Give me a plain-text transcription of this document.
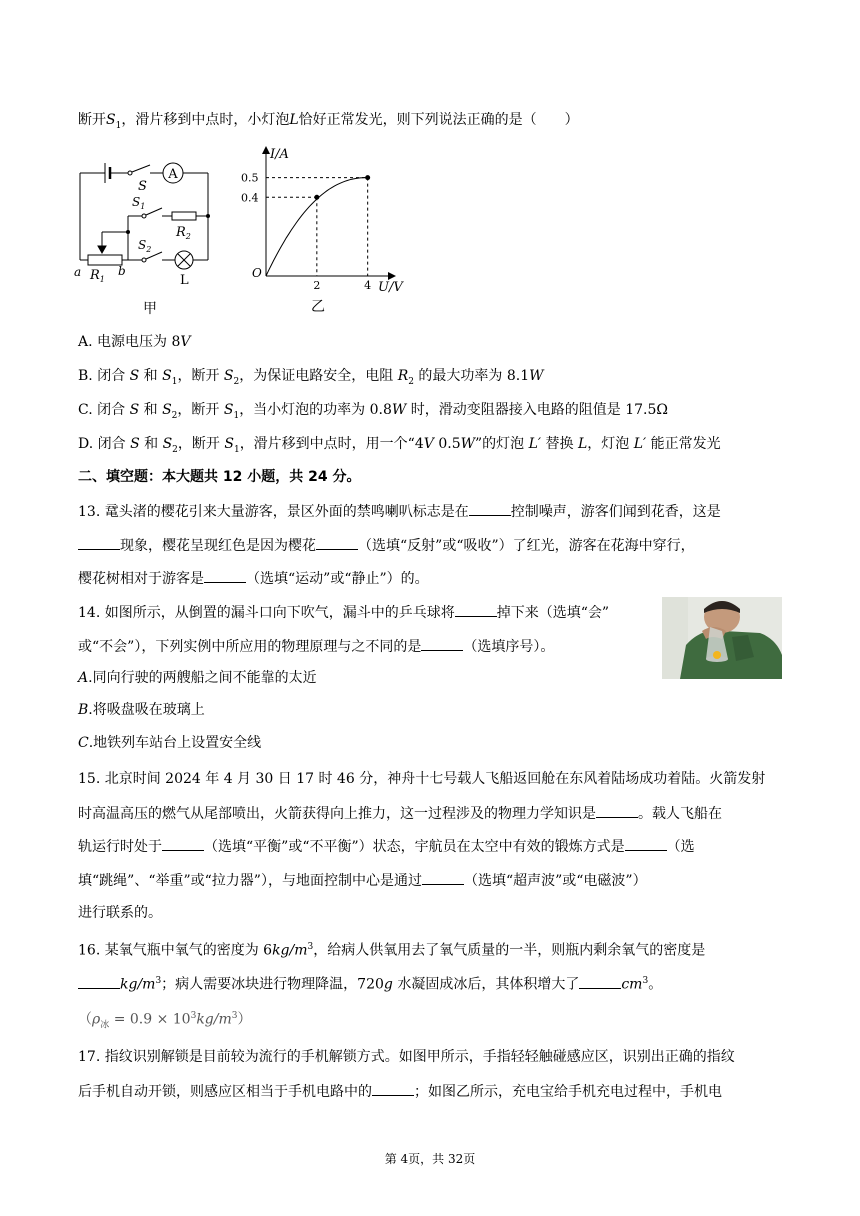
断开$S_1$，滑片移到中点时，小灯泡L恰好正常发光，则下列说法正确的是（　　）
A
S
$S_1$
$R_2$
$S_2$
a	b
$R_1$	L
甲
I/A
U/V
O
0.5
0.4
2	4
乙
A. 电源电压为 8V
B. 闭合 S 和 $S_1$，断开 $S_2$，为保证电路安全，电阻 $R_2$ 的最大功率为 8.1W
C. 闭合 S 和 $S_2$，断开 $S_1$，当小灯泡的功率为 0.8W 时，滑动变阻器接入电路的阻值是 17.5Ω
D. 闭合 S 和 $S_2$，断开 $S_1$，滑片移到中点时，用一个“4V 0.5W”的灯泡 L′ 替换 L，灯泡 L′ 能正常发光
二、填空题：本大题共 12 小题，共 24 分。
13. 鼋头渚的樱花引来大量游客，景区外面的禁鸣喇叭标志是在	控制噪声，游客们闻到花香，这是
现象，樱花呈现红色是因为樱花	（选填“反射”或“吸收”）了红光，游客在花海中穿行，
樱花树相对于游客是	（选填“运动”或“静止”）的。
14. 如图所示，从倒置的漏斗口向下吹气，漏斗中的乒乓球将	掉下来（选填“会”
或“不会”），下列实例中所应用的物理原理与之不同的是	（选填序号）。
A.同向行驶的两艘船之间不能靠的太近
B.将吸盘吸在玻璃上
C.地铁列车站台上设置安全线
15. 北京时间 2024 年 4 月 30 日 17 时 46 分，神舟十七号载人飞船返回舱在东风着陆场成功着陆。火箭发射
时高温高压的燃气从尾部喷出，火箭获得向上推力，这一过程涉及的物理力学知识是	。载人飞船在
轨运行时处于	（选填“平衡”或“不平衡”）状态，宇航员在太空中有效的锻炼方式是	（选
填“跳绳”、“举重”或“拉力器”），与地面控制中心是通过	（选填“超声波”或“电磁波”）
进行联系的。
16. 某氧气瓶中氧气的密度为 $6kg/m^3$，给病人供氧用去了氧气质量的一半，则瓶内剩余氧气的密度是
$kg/m^3$；病人需要冰块进行物理降温，720g 水凝固成冰后，其体积增大了	$cm^3$。
$(\rho_冰 = 0.9 \times 10^3kg/m^3)$
17. 指纹识别解锁是目前较为流行的手机解锁方式。如图甲所示，手指轻轻触碰感应区，识别出正确的指纹
后手机自动开锁，则感应区相当于手机电路中的	；如图乙所示，充电宝给手机充电过程中，手机电
第 4页，共 32页
